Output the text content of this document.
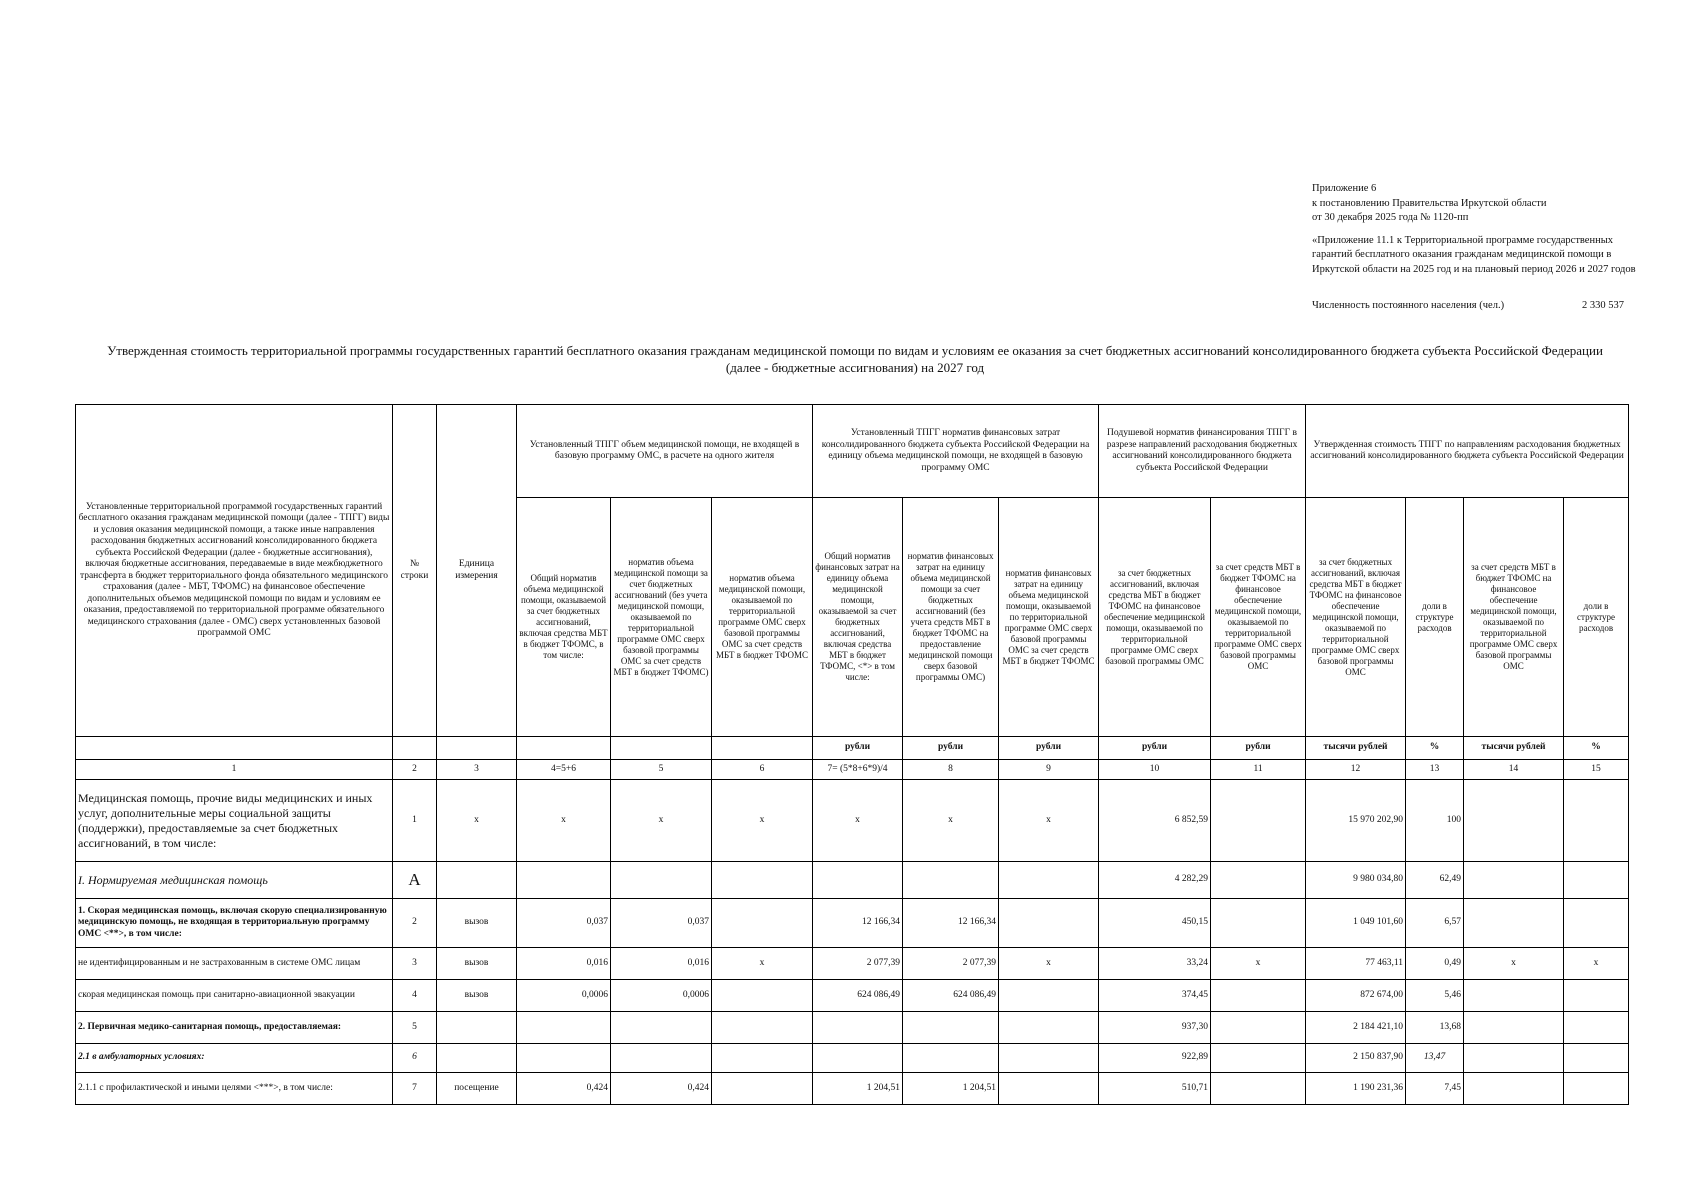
Приложение 6
к постановлению Правительства Иркутской области
от 30 декабря 2025 года № 1120-пп
«Приложение 11.1 к Территориальной программе государственных гарантий бесплатного оказания гражданам медицинской помощи в Иркутской области на 2025 год и на плановый период 2026 и 2027 годов
Численность постоянного населения (чел.)	2 330 537
Утвержденная стоимость территориальной программы государственных гарантий бесплатного оказания гражданам медицинской помощи по видам и условиям ее оказания за счет бюджетных ассигнований консолидированного бюджета субъекта Российской Федерации (далее - бюджетные ассигнования) на 2027 год
Установленные территориальной программой государственных гарантий бесплатного оказания гражданам медицинской помощи (далее - ТПГГ) виды и условия оказания медицинской помощи, а также иные направления расходования бюджетных ассигнований консолидированного бюджета субъекта Российской Федерации (далее - бюджетные ассигнования), включая бюджетные ассигнования, передаваемые в виде межбюджетного трансферта в бюджет территориального фонда обязательного медицинского страхования (далее - МБТ, ТФОМС) на финансовое обеспечение дополнительных объемов медицинской помощи по видам и условиям ее оказания, предоставляемой по территориальной программе обязательного медицинского страхования (далее - ОМС) сверх установленных базовой программой ОМС	№ строки	Единица измерения	Установленный ТПГГ объем медицинской помощи, не входящей в базовую программу ОМС, в расчете на одного жителя			Установленный ТПГГ норматив финансовых затрат консолидированного бюджета субъекта Российской Федерации на единицу объема медицинской помощи, не входящей в базовую программу ОМС			Подушевой норматив финансирования ТПГГ в разрезе направлений расходования бюджетных ассигнований консолидированного бюджета субъекта Российской Федерации		Утвержденная стоимость ТПГГ по направлениям расходования бюджетных ассигнований консолидированного бюджета субъекта Российской Федерации			
			Общий норматив объема медицинской помощи, оказываемой за счет бюджетных ассигнований, включая средства МБТ в бюджет ТФОМС, в том числе:	норматив объема медицинской помощи за счет бюджетных ассигнований (без учета медицинской помощи, оказываемой по территориальной программе ОМС сверх базовой программы ОМС за счет средств МБТ в бюджет ТФОМС)	норматив объема медицинской помощи, оказываемой по территориальной программе ОМС сверх базовой программы ОМС за счет средств МБТ в бюджет ТФОМС	Общий норматив финансовых затрат на единицу объема медицинской помощи, оказываемой за счет бюджетных ассигнований, включая средства МБТ в бюджет ТФОМС, <*> в том числе:	норматив финансовых затрат на единицу объема медицинской помощи за счет бюджетных ассигнований (без учета средств МБТ в бюджет ТФОМС на предоставление медицинской помощи сверх базовой программы ОМС)	норматив финансовых затрат на единицу объема медицинской помощи, оказываемой по территориальной программе ОМС сверх базовой программы ОМС за счет средств МБТ в бюджет ТФОМС	за счет бюджетных ассигнований, включая средства МБТ в бюджет ТФОМС на финансовое обеспечение медицинской помощи, оказываемой по территориальной программе ОМС сверх базовой программы ОМС	за счет средств МБТ в бюджет ТФОМС на финансовое обеспечение медицинской помощи, оказываемой по территориальной программе ОМС сверх базовой программы ОМС	за счет бюджетных ассигнований, включая средства МБТ в бюджет ТФОМС на финансовое обеспечение медицинской помощи, оказываемой по территориальной программе ОМС сверх базовой программы ОМС	доли в структуре расходов	за счет средств МБТ в бюджет ТФОМС на финансовое обеспечение медицинской помощи, оказываемой по территориальной программе ОМС сверх базовой программы ОМС	доли в структуре расходов
						рубли	рубли	рубли	рубли	рубли	тысячи рублей	%	тысячи рублей	%
1	2	3	4=5+6	5	6	7= (5*8+6*9)/4	8	9	10	11	12	13	14	15
Медицинская помощь, прочие виды медицинских и иных услуг, дополнительные меры социальной защиты (поддержки), предоставляемые за счет бюджетных ассигнований, в том числе:	1	х	х	х	х	х	х	х	6 852,59		15 970 202,90	100		
I. Нормируемая медицинская помощь	А								4 282,29		9 980 034,80	62,49		
1. Скорая медицинская помощь, включая скорую специализированную медицинскую помощь, не входящая в территориальную программу ОМС <**>, в том числе:	2	вызов	0,037	0,037		12 166,34	12 166,34		450,15		1 049 101,60	6,57		
не идентифицированным и не застрахованным в системе ОМС лицам	3	вызов	0,016	0,016	х	2 077,39	2 077,39	х	33,24	х	77 463,11	0,49	х	х
скорая медицинская помощь при санитарно-авиационной эвакуации	4	вызов	0,0006	0,0006		624 086,49	624 086,49		374,45		872 674,00	5,46		
2. Первичная медико-санитарная помощь, предоставляемая:	5								937,30		2 184 421,10	13,68		
2.1 в амбулаторных условиях:	6								922,89		2 150 837,90	13,47		
2.1.1 с профилактической и иными целями <***>, в том числе:	7	посещение	0,424	0,424		1 204,51	1 204,51		510,71		1 190 231,36	7,45		
